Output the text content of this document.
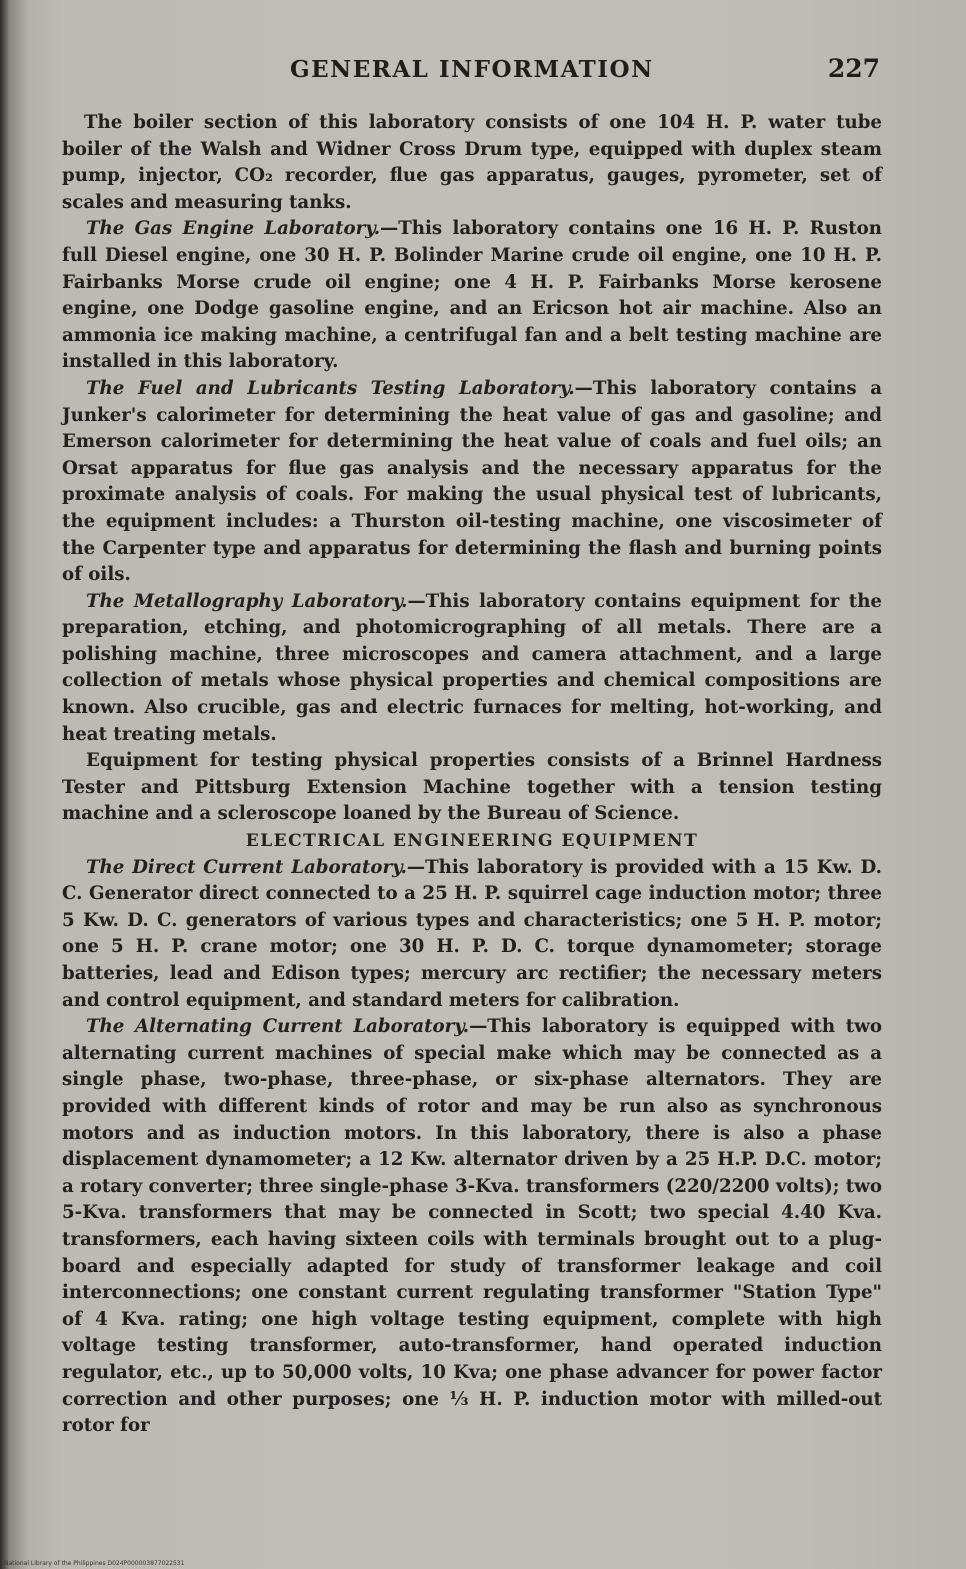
GENERAL INFORMATION	227

The boiler section of this laboratory consists of one 104 H. P. water tube boiler of the Walsh and Widner Cross Drum type, equipped with duplex steam pump, injector, CO₂ recorder, flue gas apparatus, gauges, pyrometer, set of scales and measuring tanks.

The Gas Engine Laboratory.—This laboratory contains one 16 H. P. Ruston full Diesel engine, one 30 H. P. Bolinder Marine crude oil engine, one 10 H. P. Fairbanks Morse crude oil engine; one 4 H. P. Fairbanks Morse kerosene engine, one Dodge gasoline engine, and an Ericson hot air machine. Also an ammonia ice making machine, a centrifugal fan and a belt testing machine are installed in this laboratory.

The Fuel and Lubricants Testing Laboratory.—This laboratory contains a Junker's calorimeter for determining the heat value of gas and gasoline; and Emerson calorimeter for determining the heat value of coals and fuel oils; an Orsat apparatus for flue gas analysis and the necessary apparatus for the proximate analysis of coals. For making the usual physical test of lubricants, the equipment includes: a Thurston oil-testing machine, one viscosimeter of the Carpenter type and apparatus for determining the flash and burning points of oils.

The Metallography Laboratory.—This laboratory contains equipment for the preparation, etching, and photomicrographing of all metals. There are a polishing machine, three microscopes and camera attachment, and a large collection of metals whose physical properties and chemical compositions are known. Also crucible, gas and electric furnaces for melting, hot-working, and heat treating metals.

Equipment for testing physical properties consists of a Brinnel Hardness Tester and Pittsburg Extension Machine together with a tension testing machine and a scleroscope loaned by the Bureau of Science.

ELECTRICAL ENGINEERING EQUIPMENT

The Direct Current Laboratory.—This laboratory is provided with a 15 Kw. D. C. Generator direct connected to a 25 H. P. squirrel cage induction motor; three 5 Kw. D. C. generators of various types and characteristics; one 5 H. P. motor; one 5 H. P. crane motor; one 30 H. P. D. C. torque dynamometer; storage batteries, lead and Edison types; mercury arc rectifier; the necessary meters and control equipment, and standard meters for calibration.

The Alternating Current Laboratory.—This laboratory is equipped with two alternating current machines of special make which may be connected as a single phase, two-phase, three-phase, or six-phase alternators. They are provided with different kinds of rotor and may be run also as synchronous motors and as induction motors. In this laboratory, there is also a phase displacement dynamometer; a 12 Kw. alternator driven by a 25 H.P. D.C. motor; a rotary converter; three single-phase 3-Kva. transformers (220/2200 volts); two 5-Kva. transformers that may be connected in Scott; two special 4.40 Kva. transformers, each having sixteen coils with terminals brought out to a plug-board and especially adapted for study of transformer leakage and coil interconnections; one constant current regulating transformer "Station Type" of 4 Kva. rating; one high voltage testing equipment, complete with high voltage testing transformer, auto-transformer, hand operated induction regulator, etc., up to 50,000 volts, 10 Kva; one phase advancer for power factor correction and other purposes; one ⅓ H. P. induction motor with milled-out rotor for

National Library of the Philippines D024P000003877022531
